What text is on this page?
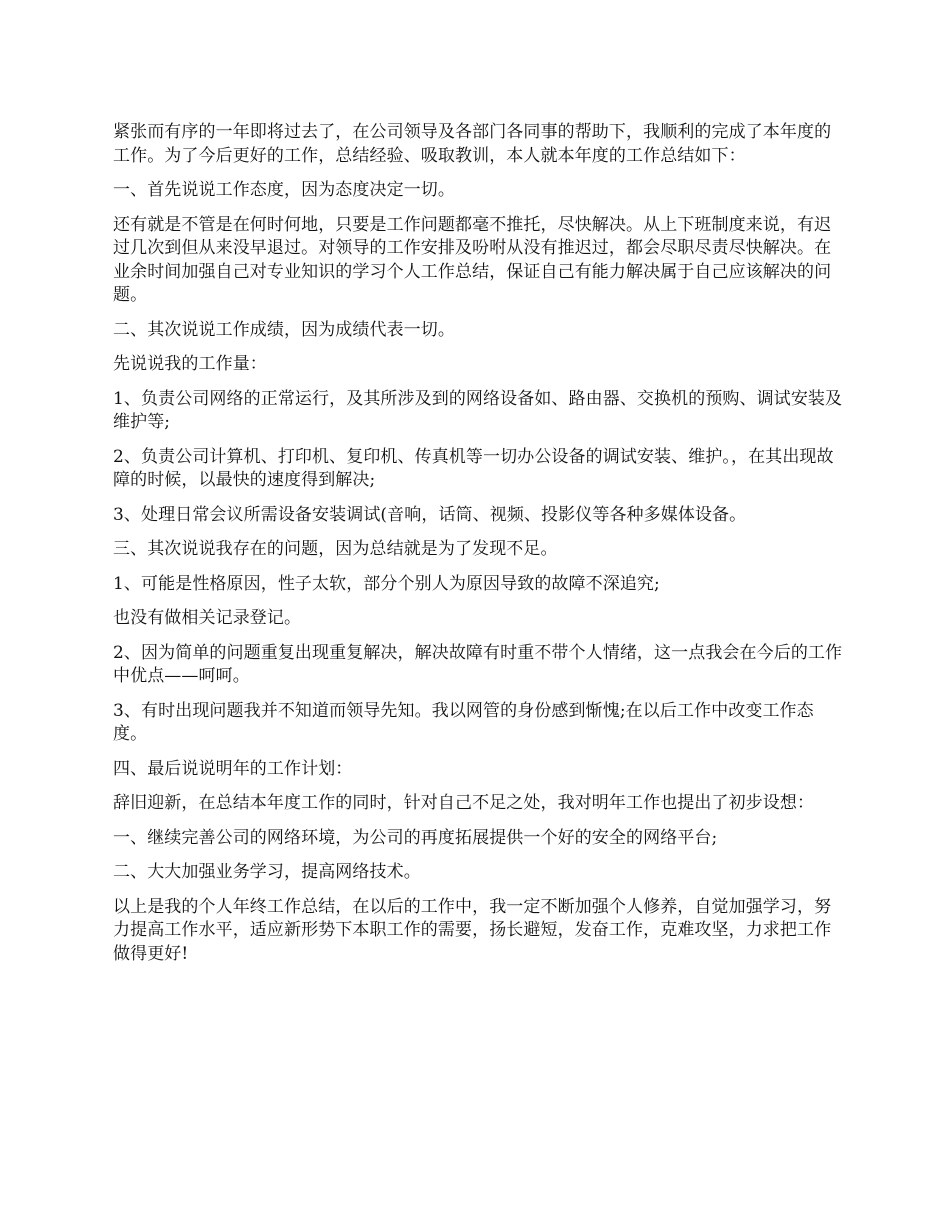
紧张而有序的一年即将过去了，在公司领导及各部门各同事的帮助下，我顺利的完成了本年度的工作。为了今后更好的工作，总结经验、吸取教训，本人就本年度的工作总结如下：

一、首先说说工作态度，因为态度决定一切。

还有就是不管是在何时何地，只要是工作问题都毫不推托，尽快解决。从上下班制度来说，有迟过几次到但从来没早退过。对领导的工作安排及吩咐从没有推迟过，都会尽职尽责尽快解决。在业余时间加强自己对专业知识的学习个人工作总结，保证自己有能力解决属于自己应该解决的问题。

二、其次说说工作成绩，因为成绩代表一切。

先说说我的工作量：

1、负责公司网络的正常运行，及其所涉及到的网络设备如、路由器、交换机的预购、调试安装及维护等;

2、负责公司计算机、打印机、复印机、传真机等一切办公设备的调试安装、维护。，在其出现故障的时候，以最快的速度得到解决;

3、处理日常会议所需设备安装调试(音响，话筒、视频、投影仪等各种多媒体设备。

三、其次说说我存在的问题，因为总结就是为了发现不足。

1、可能是性格原因，性子太软，部分个别人为原因导致的故障不深追究;

也没有做相关记录登记。

2、因为简单的问题重复出现重复解决，解决故障有时重不带个人情绪，这一点我会在今后的工作中优点——呵呵。

3、有时出现问题我并不知道而领导先知。我以网管的身份感到惭愧;在以后工作中改变工作态度。

四、最后说说明年的工作计划：

辞旧迎新，在总结本年度工作的同时，针对自己不足之处，我对明年工作也提出了初步设想：

一、继续完善公司的网络环境，为公司的再度拓展提供一个好的安全的网络平台;

二、大大加强业务学习，提高网络技术。

以上是我的个人年终工作总结，在以后的工作中，我一定不断加强个人修养，自觉加强学习，努力提高工作水平，适应新形势下本职工作的需要，扬长避短，发奋工作，克难攻坚，力求把工作做得更好!
